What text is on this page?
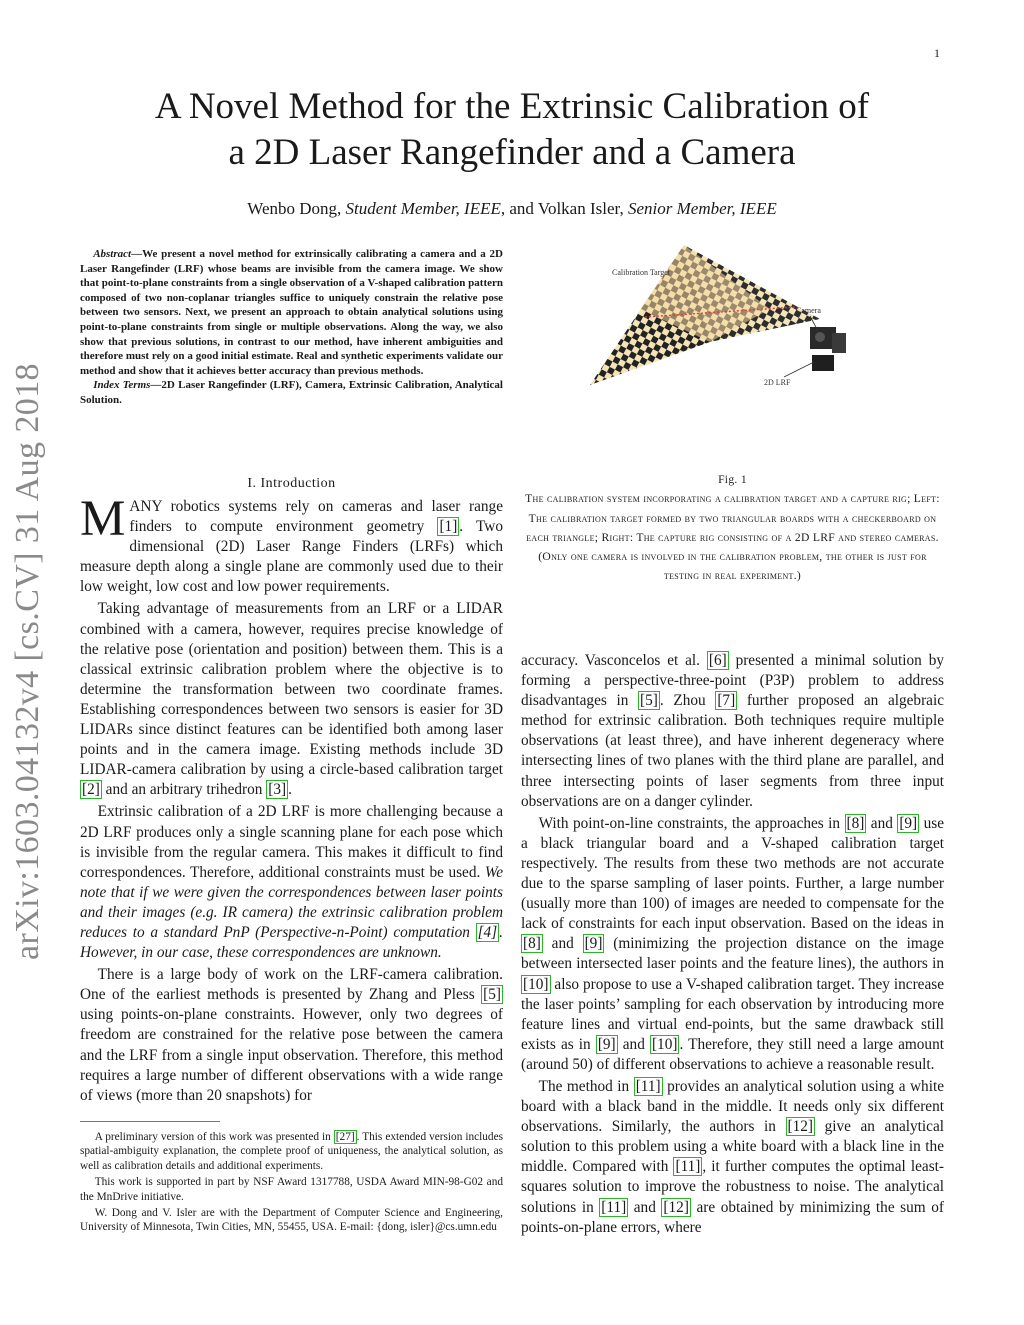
1
A Novel Method for the Extrinsic Calibration of
a 2D Laser Rangefinder and a Camera
Wenbo Dong, Student Member, IEEE, and Volkan Isler, Senior Member, IEEE
arXiv:1603.04132v4 [cs.CV] 31 Aug 2018

Abstract—We present a novel method for extrinsically calibrating a camera and a 2D Laser Rangefinder (LRF) whose beams are invisible from the camera image. We show that point-to-plane constraints from a single observation of a V-shaped calibration pattern composed of two non-coplanar triangles suffice to uniquely constrain the relative pose between two sensors. Next, we present an approach to obtain analytical solutions using point-to-plane constraints from single or multiple observations. Along the way, we also show that previous solutions, in contrast to our method, have inherent ambiguities and therefore must rely on a good initial estimate. Real and synthetic experiments validate our method and show that it achieves better accuracy than previous methods.

Index Terms—2D Laser Rangefinder (LRF), Camera, Extrinsic Calibration, Analytical Solution.

I. Introduction

MANY robotics systems rely on cameras and laser range finders to compute environment geometry [1] . Two dimensional (2D) Laser Range Finders (LRFs) which measure depth along a single plane are commonly used due to their low weight, low cost and low power requirements.

Taking advantage of measurements from an LRF or a LIDAR combined with a camera, however, requires precise knowledge of the relative pose (orientation and position) between them. This is a classical extrinsic calibration problem where the objective is to determine the transformation between two coordinate frames. Establishing correspondences between two sensors is easier for 3D LIDARs since distinct features can be identified both among laser points and in the camera image. Existing methods include 3D LIDAR-camera calibration by using a circle-based calibration target [2] and an arbitrary trihedron [3] .

Extrinsic calibration of a 2D LRF is more challenging because a 2D LRF produces only a single scanning plane for each pose which is invisible from the regular camera. This makes it difficult to find correspondences. Therefore, additional constraints must be used. We note that if we were given the correspondences between laser points and their images (e.g. IR camera) the extrinsic calibration problem reduces to a standard PnP (Perspective-n-Point) computation [4] . However, in our case, these correspondences are unknown.

There is a large body of work on the LRF-camera calibration. One of the earliest methods is presented by Zhang and Pless [5] using points-on-plane constraints. However, only two degrees of freedom are constrained for the relative pose between the camera and the LRF from a single input observation. Therefore, this method requires a large number of different observations with a wide range of views (more than 20 snapshots) for

A preliminary version of this work was presented in [27] . This extended version includes spatial-ambiguity explanation, the complete proof of uniqueness, the analytical solution, as well as calibration details and additional experiments.

This work is supported in part by NSF Award 1317788, USDA Award MIN-98-G02 and the MnDrive initiative.

W. Dong and V. Isler are with the Department of Computer Science and Engineering, University of Minnesota, Twin Cities, MN, 55455, USA. E-mail: {dong, isler}@cs.umn.edu

Calibration Target
Camera
2D LRF
Fig. 1
The calibration system incorporating a calibration target and a capture rig; Left: The calibration target formed by two triangular boards with a checkerboard on each triangle; Right: The capture rig consisting of a 2D LRF and stereo cameras. (Only one camera is involved in the calibration problem, the other is just for testing in real experiment.)

accuracy. Vasconcelos et al. [6] presented a minimal solution by forming a perspective-three-point (P3P) problem to address disadvantages in [5] . Zhou [7] further proposed an algebraic method for extrinsic calibration. Both techniques require multiple observations (at least three), and have inherent degeneracy where intersecting lines of two planes with the third plane are parallel, and three intersecting points of laser segments from three input observations are on a danger cylinder.

With point-on-line constraints, the approaches in [8] and [9] use a black triangular board and a V-shaped calibration target respectively. The results from these two methods are not accurate due to the sparse sampling of laser points. Further, a large number (usually more than 100) of images are needed to compensate for the lack of constraints for each input observation. Based on the ideas in [8] and [9] (minimizing the projection distance on the image between intersected laser points and the feature lines), the authors in [10] also propose to use a V-shaped calibration target. They increase the laser points’ sampling for each observation by introducing more feature lines and virtual end-points, but the same drawback still exists as in [9] and [10] . Therefore, they still need a large amount (around 50) of different observations to achieve a reasonable result.

The method in [11] provides an analytical solution using a white board with a black band in the middle. It needs only six different observations. Similarly, the authors in [12] give an analytical solution to this problem using a white board with a black line in the middle. Compared with [11] , it further computes the optimal least-squares solution to improve the robustness to noise. The analytical solutions in [11] and [12] are obtained by minimizing the sum of points-on-plane errors, where
